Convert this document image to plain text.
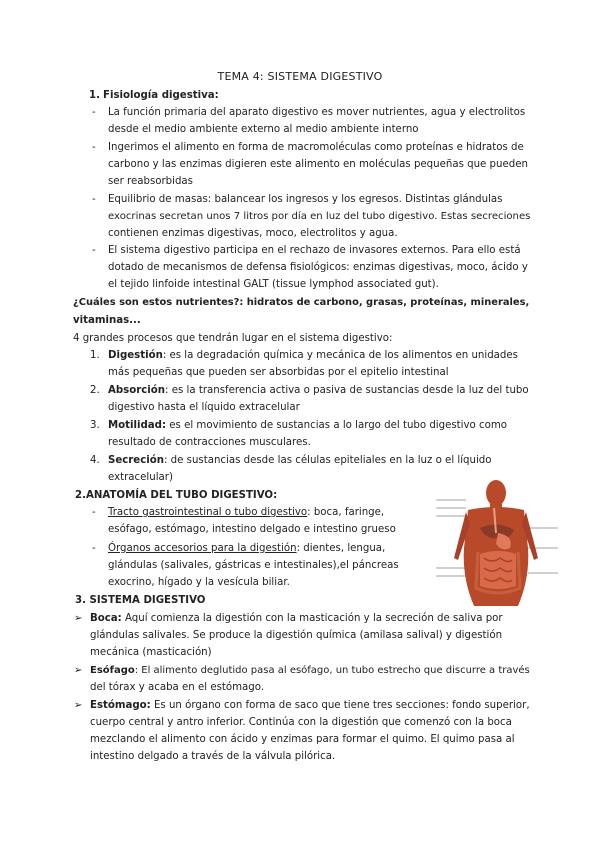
TEMA 4: SISTEMA DIGESTIVO
1. Fisiología digestiva:
- La función primaria del aparato digestivo es mover nutrientes, agua y electrolitos
desde el medio ambiente externo al medio ambiente interno
- Ingerimos el alimento en forma de macromoléculas como proteínas e hidratos de
carbono y las enzimas digieren este alimento en moléculas pequeñas que pueden
ser reabsorbidas
- Equilibrio de masas: balancear los ingresos y los egresos. Distintas glándulas
exocrinas secretan unos 7 litros por día en luz del tubo digestivo. Estas secreciones
contienen enzimas digestivas, moco, electrolitos y agua.
- El sistema digestivo participa en el rechazo de invasores externos. Para ello está
dotado de mecanismos de defensa fisiológicos: enzimas digestivas, moco, ácido y
el tejido linfoide intestinal GALT (tissue lymphod associated gut).
¿Cuáles son estos nutrientes?: hidratos de carbono, grasas, proteínas, minerales,
vitaminas...
4 grandes procesos que tendrán lugar en el sistema digestivo:
1. Digestión: es la degradación química y mecánica de los alimentos en unidades
más pequeñas que pueden ser absorbidas por el epitelio intestinal
2. Absorción: es la transferencia activa o pasiva de sustancias desde la luz del tubo
digestivo hasta el líquido extracelular
3. Motilidad: es el movimiento de sustancias a lo largo del tubo digestivo como
resultado de contracciones musculares.
4. Secreción: de sustancias desde las células epiteliales en la luz o el líquido
extracelular)
2.ANATOMÍA DEL TUBO DIGESTIVO:
- Tracto gastrointestinal o tubo digestivo: boca, faringe,
esófago, estómago, intestino delgado e intestino grueso
- Órganos accesorios para la digestión: dientes, lengua,
glándulas (salivales, gástricas e intestinales),el páncreas
exocrino, hígado y la vesícula biliar.
3. SISTEMA DIGESTIVO
➢ Boca: Aquí comienza la digestión con la masticación y la secreción de saliva por
glándulas salivales. Se produce la digestión química (amilasa salival) y digestión
mecánica (masticación)
➢ Esófago: El alimento deglutido pasa al esófago, un tubo estrecho que discurre a través
del tórax y acaba en el estómago.
➢ Estómago: Es un órgano con forma de saco que tiene tres secciones: fondo superior,
cuerpo central y antro inferior. Continúa con la digestión que comenzó con la boca
mezclando el alimento con ácido y enzimas para formar el quimo. El quimo pasa al
intestino delgado a través de la válvula pilórica.
